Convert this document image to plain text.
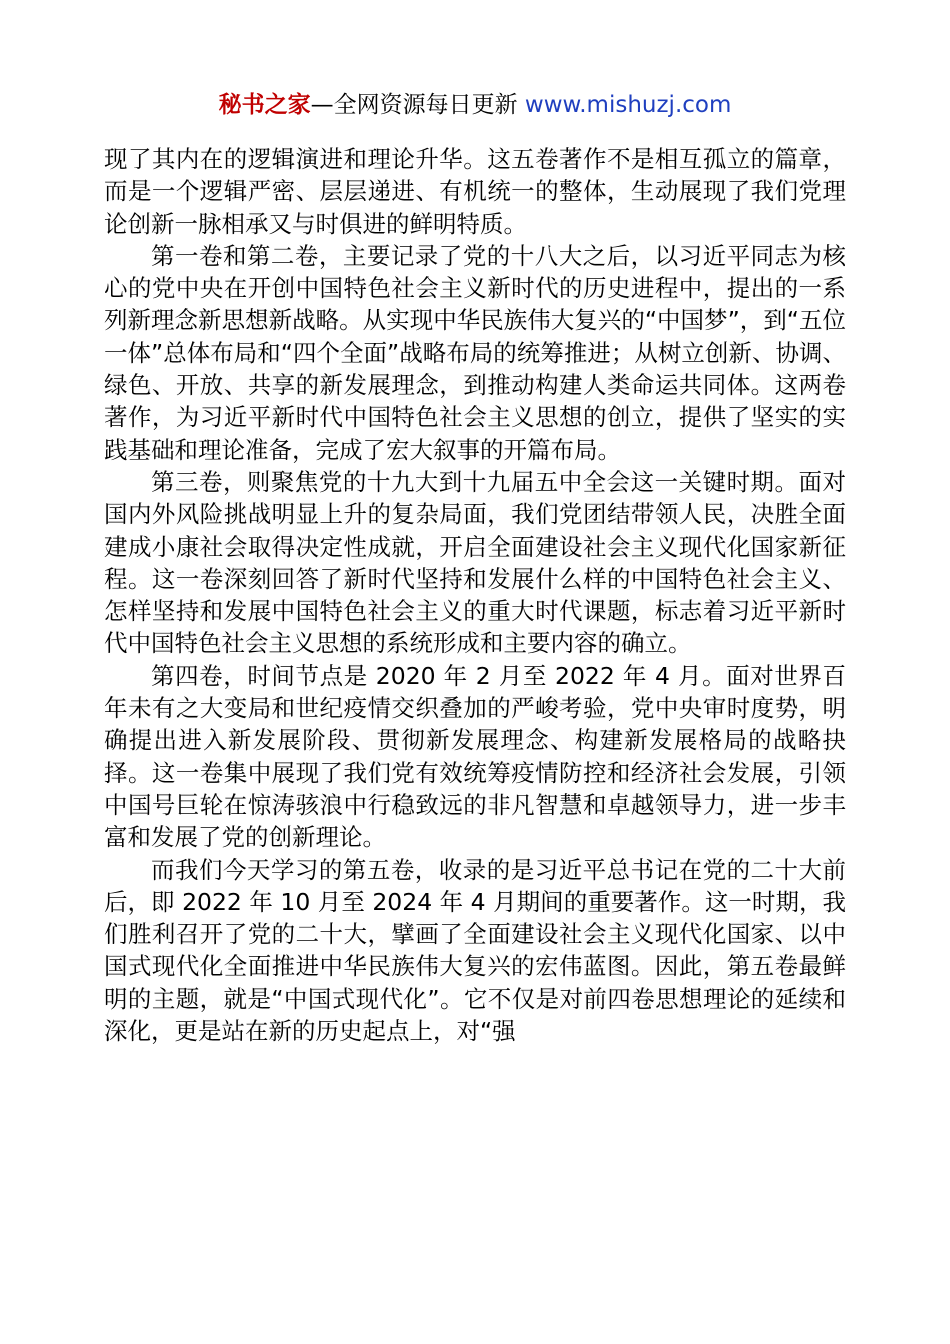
秘书之家—全网资源每日更新 www.mishuzj.com

现了其内在的逻辑演进和理论升华。这五卷著作不是相互孤立的篇章，而是一个逻辑严密、层层递进、有机统一的整体，生动展现了我们党理论创新一脉相承又与时俱进的鲜明特质。

第一卷和第二卷，主要记录了党的十八大之后，以习近平同志为核心的党中央在开创中国特色社会主义新时代的历史进程中，提出的一系列新理念新思想新战略。从实现中华民族伟大复兴的“中国梦”，到“五位一体”总体布局和“四个全面”战略布局的统筹推进；从树立创新、协调、绿色、开放、共享的新发展理念，到推动构建人类命运共同体。这两卷著作，为习近平新时代中国特色社会主义思想的创立，提供了坚实的实践基础和理论准备，完成了宏大叙事的开篇布局。

第三卷，则聚焦党的十九大到十九届五中全会这一关键时期。面对国内外风险挑战明显上升的复杂局面，我们党团结带领人民，决胜全面建成小康社会取得决定性成就，开启全面建设社会主义现代化国家新征程。这一卷深刻回答了新时代坚持和发展什么样的中国特色社会主义、怎样坚持和发展中国特色社会主义的重大时代课题，标志着习近平新时代中国特色社会主义思想的系统形成和主要内容的确立。

第四卷，时间节点是 2020 年 2 月至 2022 年 4 月。面对世界百年未有之大变局和世纪疫情交织叠加的严峻考验，党中央审时度势，明确提出进入新发展阶段、贯彻新发展理念、构建新发展格局的战略抉择。这一卷集中展现了我们党有效统筹疫情防控和经济社会发展，引领中国号巨轮在惊涛骇浪中行稳致远的非凡智慧和卓越领导力，进一步丰富和发展了党的创新理论。

而我们今天学习的第五卷，收录的是习近平总书记在党的二十大前后，即 2022 年 10 月至 2024 年 4 月期间的重要著作。这一时期，我们胜利召开了党的二十大，擘画了全面建设社会主义现代化国家、以中国式现代化全面推进中华民族伟大复兴的宏伟蓝图。因此，第五卷最鲜明的主题，就是“中国式现代化”。它不仅是对前四卷思想理论的延续和深化，更是站在新的历史起点上，对“强
